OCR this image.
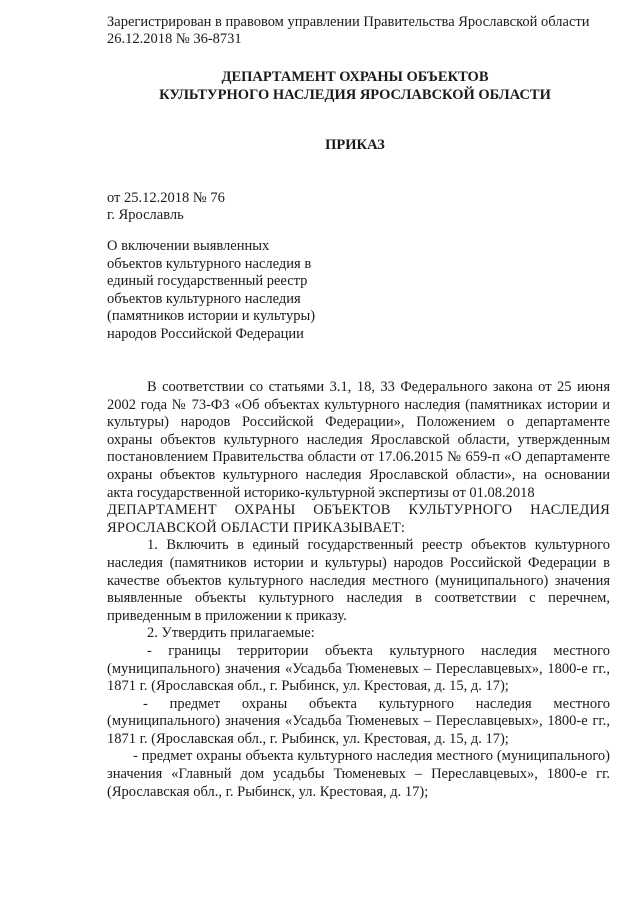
Зарегистрирован в правовом управлении Правительства Ярославской области
26.12.2018 № 36-8731
ДЕПАРТАМЕНТ ОХРАНЫ ОБЪЕКТОВ
КУЛЬТУРНОГО НАСЛЕДИЯ ЯРОСЛАВСКОЙ ОБЛАСТИ
ПРИКАЗ
от 25.12.2018 № 76
г. Ярославль
О включении выявленных
объектов культурного наследия в
единый государственный реестр
объектов культурного наследия
(памятников истории и культуры)
народов Российской Федерации

В соответствии со статьями 3.1, 18, 33 Федерального закона от 25 июня 2002 года № 73-ФЗ «Об объектах культурного наследия (памятниках истории и культуры) народов Российской Федерации», Положением о департаменте охраны объектов культурного наследия Ярославской области, утвержденным постановлением Правительства области от 17.06.2015 № 659-п «О департаменте охраны объектов культурного наследия Ярославской области», на основании акта государственной историко-культурной экспертизы от 01.08.2018

ДЕПАРТАМЕНТ ОХРАНЫ ОБЪЕКТОВ КУЛЬТУРНОГО НАСЛЕДИЯ ЯРОСЛАВСКОЙ ОБЛАСТИ ПРИКАЗЫВАЕТ:

1. Включить в единый государственный реестр объектов культурного наследия (памятников истории и культуры) народов Российской Федерации в качестве объектов культурного наследия местного (муниципального) значения выявленные объекты культурного наследия в соответствии с перечнем, приведенным в приложении к приказу.

2. Утвердить прилагаемые:

- границы территории объекта культурного наследия местного (муниципального) значения «Усадьба Тюменевых – Переславцевых», 1800-е гг., 1871 г. (Ярославская обл., г. Рыбинск, ул. Крестовая, д. 15, д. 17);

- предмет охраны объекта культурного наследия местного (муниципального) значения «Усадьба Тюменевых – Переславцевых», 1800-е гг., 1871 г. (Ярославская обл., г. Рыбинск, ул. Крестовая, д. 15, д. 17);

- предмет охраны объекта культурного наследия местного (муниципального) значения «Главный дом усадьбы Тюменевых – Переславцевых», 1800-е гг. (Ярославская обл., г. Рыбинск, ул. Крестовая, д. 17);
